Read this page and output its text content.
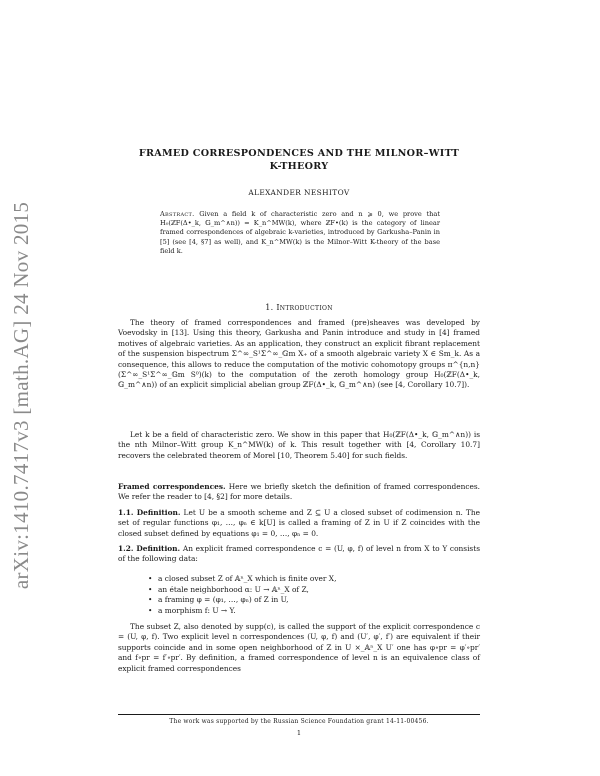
arXiv:1410.7417v3 [math.AG] 24 Nov 2015
FRAMED CORRESPONDENCES AND THE MILNOR–WITT
K-THEORY
ALEXANDER NESHITOV
Abstract. Given a field k of characteristic zero and n ⩾ 0, we prove that H₀(ℤF(Δ•_k, 𝔾_m^∧n)) = K_n^MW(k), where ℤF•(k) is the category of linear framed correspondences of algebraic k-varieties, introduced by Garkusha–Panin in [5] (see [4, §7] as well), and K_n^MW(k) is the Milnor–Witt K-theory of the base field k.
1. Introduction

The theory of framed correspondences and framed (pre)sheaves was developed by Voevodsky in [13]. Using this theory, Garkusha and Panin introduce and study in [4] framed motives of algebraic varieties. As an application, they construct an explicit fibrant replacement of the suspension bispectrum Σ^∞_S¹Σ^∞_𝔾m X₊ of a smooth algebraic variety X ∈ Sm_k. As a consequence, this allows to reduce the computation of the motivic cohomotopy groups π^{n,n}(Σ^∞_S¹Σ^∞_𝔾m S⁰)(k) to the computation of the zeroth homology group H₀(ℤF(Δ•_k, 𝔾_m^∧n)) of an explicit simplicial abelian group ℤF(Δ•_k, 𝔾_m^∧n) (see [4, Corollary 10.7]).

Let k be a field of characteristic zero. We show in this paper that H₀(ℤF(Δ•_k, 𝔾_m^∧n)) is the nth Milnor–Witt group K_n^MW(k) of k. This result together with [4, Corollary 10.7] recovers the celebrated theorem of Morel [10, Theorem 5.40] for such fields.

Framed correspondences. Here we briefly sketch the definition of framed correspondences. We refer the reader to [4, §2] for more details.

1.1. Definition. Let U be a smooth scheme and Z ⊆ U a closed subset of codimension n. The set of regular functions φ₁, …, φₙ ∈ k[U] is called a framing of Z in U if Z coincides with the closed subset defined by equations φ₁ = 0, …, φₙ = 0.

1.2. Definition. An explicit framed correspondence c = (U, φ, f) of level n from X to Y consists of the following data:

• a closed subset Z of 𝔸ⁿ_X which is finite over X,
• an étale neighborhood α: U → 𝔸ⁿ_X of Z,
• a framing φ = (φ₁, …, φₙ) of Z in U,
• a morphism f: U → Y.

The subset Z, also denoted by supp(c), is called the support of the explicit correspondence c = (U, φ, f). Two explicit level n correspondences (U, φ, f) and (U′, φ′, f′) are equivalent if their supports coincide and in some open neighborhood of Z in U ×_𝔸ⁿ_X U′ one has φ∘pr = φ′∘pr′ and f∘pr = f′∘pr′. By definition, a framed correspondence of level n is an equivalence class of explicit framed correspondences

The work was supported by the Russian Science Foundation grant 14-11-00456.
1
